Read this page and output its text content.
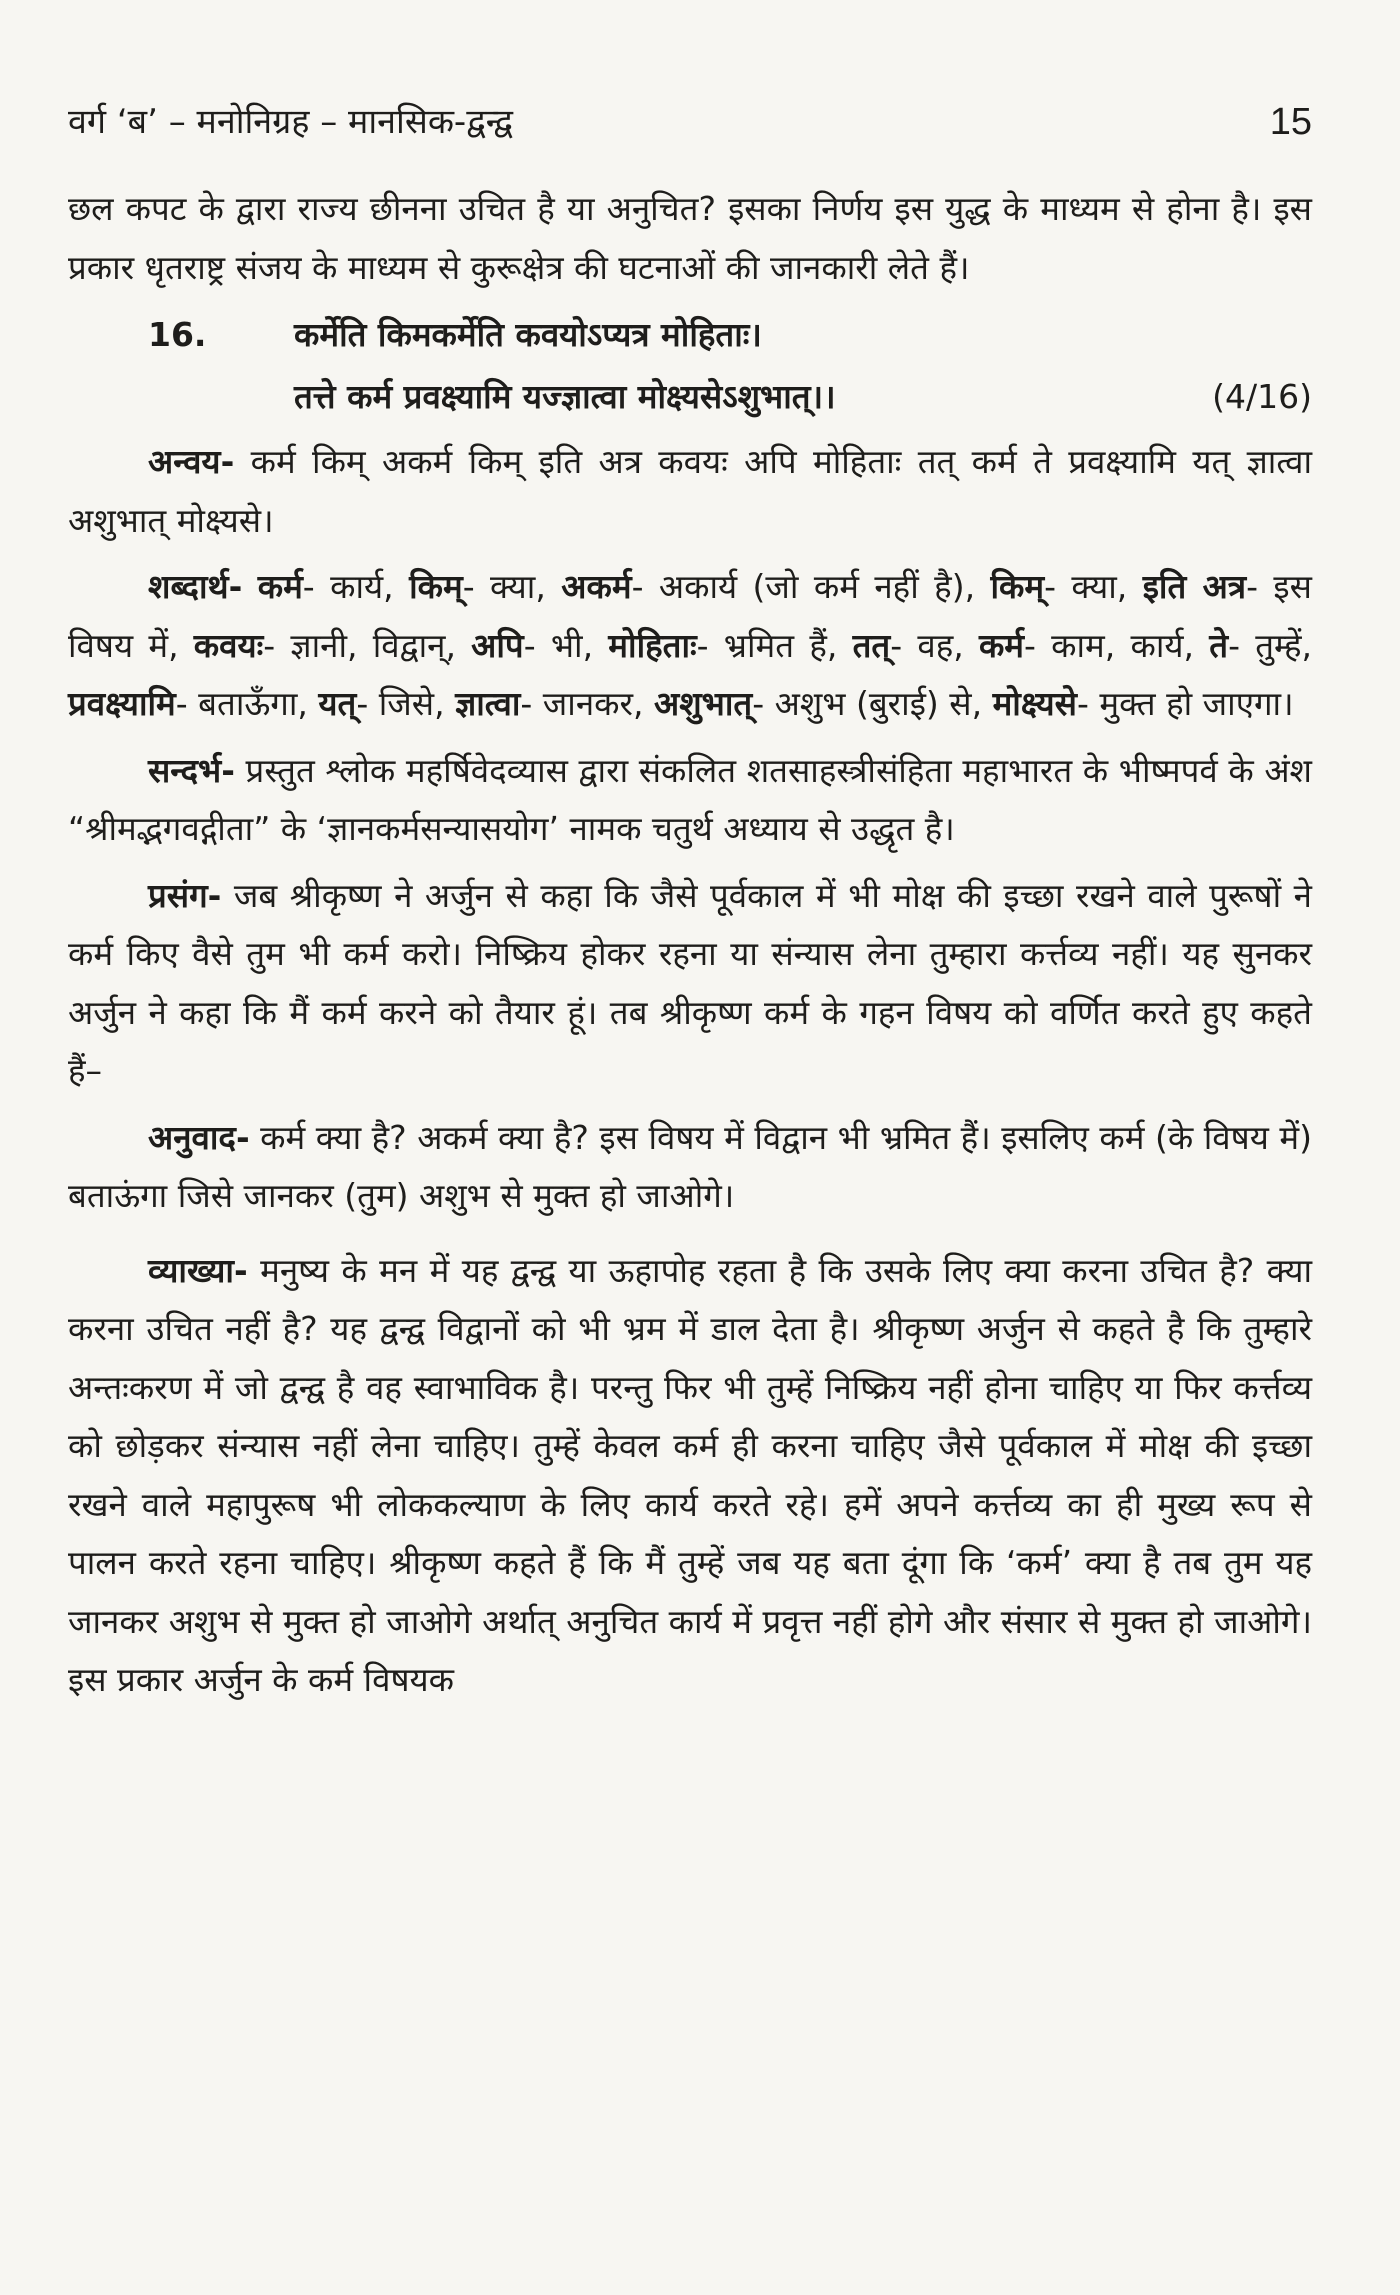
वर्ग ‘ब’ – मनोनिग्रह – मानसिक-द्वन्द्व	15

छल कपट के द्वारा राज्य छीनना उचित है या अनुचित? इसका निर्णय इस युद्ध के माध्यम से होना है। इस प्रकार धृतराष्ट्र संजय के माध्यम से कुरूक्षेत्र की घटनाओं की जानकारी लेते हैं।

16.	कर्मेति किमकर्मेति कवयोऽप्यत्र मोहिताः।
तत्ते कर्म प्रवक्ष्यामि यज्ज्ञात्वा मोक्ष्यसेऽशुभात्।।	(4/16)

अन्वय- कर्म किम् अकर्म किम् इति अत्र कवयः अपि मोहिताः तत् कर्म ते प्रवक्ष्यामि यत् ज्ञात्वा अशुभात् मोक्ष्यसे।

शब्दार्थ- कर्म- कार्य, किम्- क्या, अकर्म- अकार्य (जो कर्म नहीं है), किम्- क्या, इति अत्र- इस विषय में, कवयः- ज्ञानी, विद्वान्, अपि- भी, मोहिताः- भ्रमित हैं, तत्- वह, कर्म- काम, कार्य, ते- तुम्हें, प्रवक्ष्यामि- बताऊँगा, यत्- जिसे, ज्ञात्वा- जानकर, अशुभात्- अशुभ (बुराई) से, मोक्ष्यसे- मुक्त हो जाएगा।

सन्दर्भ- प्रस्तुत श्लोक महर्षिवेदव्यास द्वारा संकलित शतसाहस्त्रीसंहिता महाभारत के भीष्मपर्व के अंश “श्रीमद्भगवद्गीता” के ‘ज्ञानकर्मसन्यासयोग’ नामक चतुर्थ अध्याय से उद्धृत है।

प्रसंग- जब श्रीकृष्ण ने अर्जुन से कहा कि जैसे पूर्वकाल में भी मोक्ष की इच्छा रखने वाले पुरूषों ने कर्म किए वैसे तुम भी कर्म करो। निष्क्रिय होकर रहना या संन्यास लेना तुम्हारा कर्त्तव्य नहीं। यह सुनकर अर्जुन ने कहा कि मैं कर्म करने को तैयार हूं। तब श्रीकृष्ण कर्म के गहन विषय को वर्णित करते हुए कहते हैं–

अनुवाद- कर्म क्या है? अकर्म क्या है? इस विषय में विद्वान भी भ्रमित हैं। इसलिए कर्म (के विषय में) बताऊंगा जिसे जानकर (तुम) अशुभ से मुक्त हो जाओगे।

व्याख्या- मनुष्य के मन में यह द्वन्द्व या ऊहापोह रहता है कि उसके लिए क्या करना उचित है? क्या करना उचित नहीं है? यह द्वन्द्व विद्वानों को भी भ्रम में डाल देता है। श्रीकृष्ण अर्जुन से कहते है कि तुम्हारे अन्तःकरण में जो द्वन्द्व है वह स्वाभाविक है। परन्तु फिर भी तुम्हें निष्क्रिय नहीं होना चाहिए या फिर कर्त्तव्य को छोड़कर संन्यास नहीं लेना चाहिए। तुम्हें केवल कर्म ही करना चाहिए जैसे पूर्वकाल में मोक्ष की इच्छा रखने वाले महापुरूष भी लोककल्याण के लिए कार्य करते रहे। हमें अपने कर्त्तव्य का ही मुख्य रूप से पालन करते रहना चाहिए। श्रीकृष्ण कहते हैं कि मैं तुम्हें जब यह बता दूंगा कि ‘कर्म’ क्या है तब तुम यह जानकर अशुभ से मुक्त हो जाओगे अर्थात् अनुचित कार्य में प्रवृत्त नहीं होगे और संसार से मुक्त हो जाओगे। इस प्रकार अर्जुन के कर्म विषयक
